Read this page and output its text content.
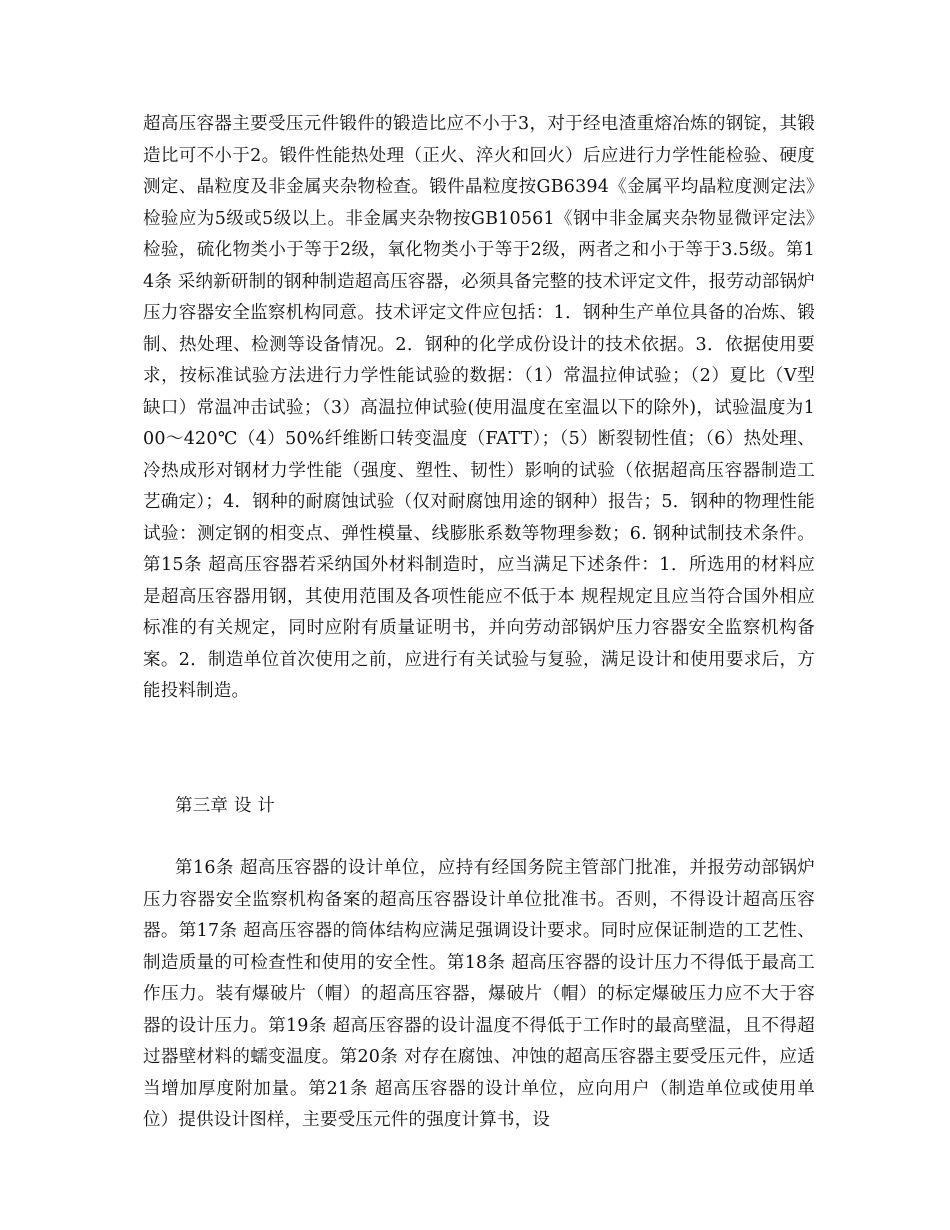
超高压容器主要受压元件锻件的锻造比应不小于3，对于经电渣重熔冶炼的钢锭，其锻造比可不小于2。锻件性能热处理（正火、淬火和回火）后应进行力学性能检验、硬度测定、晶粒度及非金属夹杂物检查。锻件晶粒度按GB6394《金属平均晶粒度测定法》检验应为5级或5级以上。非金属夹杂物按GB10561《钢中非金属夹杂物显微评定法》检验，硫化物类小于等于2级，氧化物类小于等于2级，两者之和小于等于3.5级。第14条 采纳新研制的钢种制造超高压容器，必须具备完整的技术评定文件，报劳动部锅炉压力容器安全监察机构同意。技术评定文件应包括：1．钢种生产单位具备的冶炼、锻制、热处理、检测等设备情况。2．钢种的化学成份设计的技术依据。3．依据使用要求，按标准试验方法进行力学性能试验的数据：（1）常温拉伸试验；（2）夏比（V型缺口）常温冲击试验；（3）高温拉伸试验(使用温度在室温以下的除外)，试验温度为100～420℃（4）50%纤维断口转变温度（FATT）；（5）断裂韧性值；（6）热处理、冷热成形对钢材力学性能（强度、塑性、韧性）影响的试验（依据超高压容器制造工艺确定）；4．钢种的耐腐蚀试验（仅对耐腐蚀用途的钢种）报告；5．钢种的物理性能试验：测定钢的相变点、弹性模量、线膨胀系数等物理参数；6. 钢种试制技术条件。第15条 超高压容器若采纳国外材料制造时，应当满足下述条件：1．所选用的材料应是超高压容器用钢，其使用范围及各项性能应不低于本 规程规定且应当符合国外相应标准的有关规定，同时应附有质量证明书，并向劳动部锅炉压力容器安全监察机构备案。2．制造单位首次使用之前，应进行有关试验与复验，满足设计和使用要求后，方能投料制造。

第三章 设 计

第16条 超高压容器的设计单位，应持有经国务院主管部门批准，并报劳动部锅炉压力容器安全监察机构备案的超高压容器设计单位批准书。否则，不得设计超高压容器。第17条 超高压容器的筒体结构应满足强调设计要求。同时应保证制造的工艺性、制造质量的可检查性和使用的安全性。第18条 超高压容器的设计压力不得低于最高工作压力。装有爆破片（帽）的超高压容器，爆破片（帽）的标定爆破压力应不大于容器的设计压力。第19条 超高压容器的设计温度不得低于工作时的最高壁温，且不得超过器壁材料的蠕变温度。第20条 对存在腐蚀、冲蚀的超高压容器主要受压元件，应适当增加厚度附加量。第21条 超高压容器的设计单位，应向用户（制造单位或使用单位）提供设计图样，主要受压元件的强度计算书，设
